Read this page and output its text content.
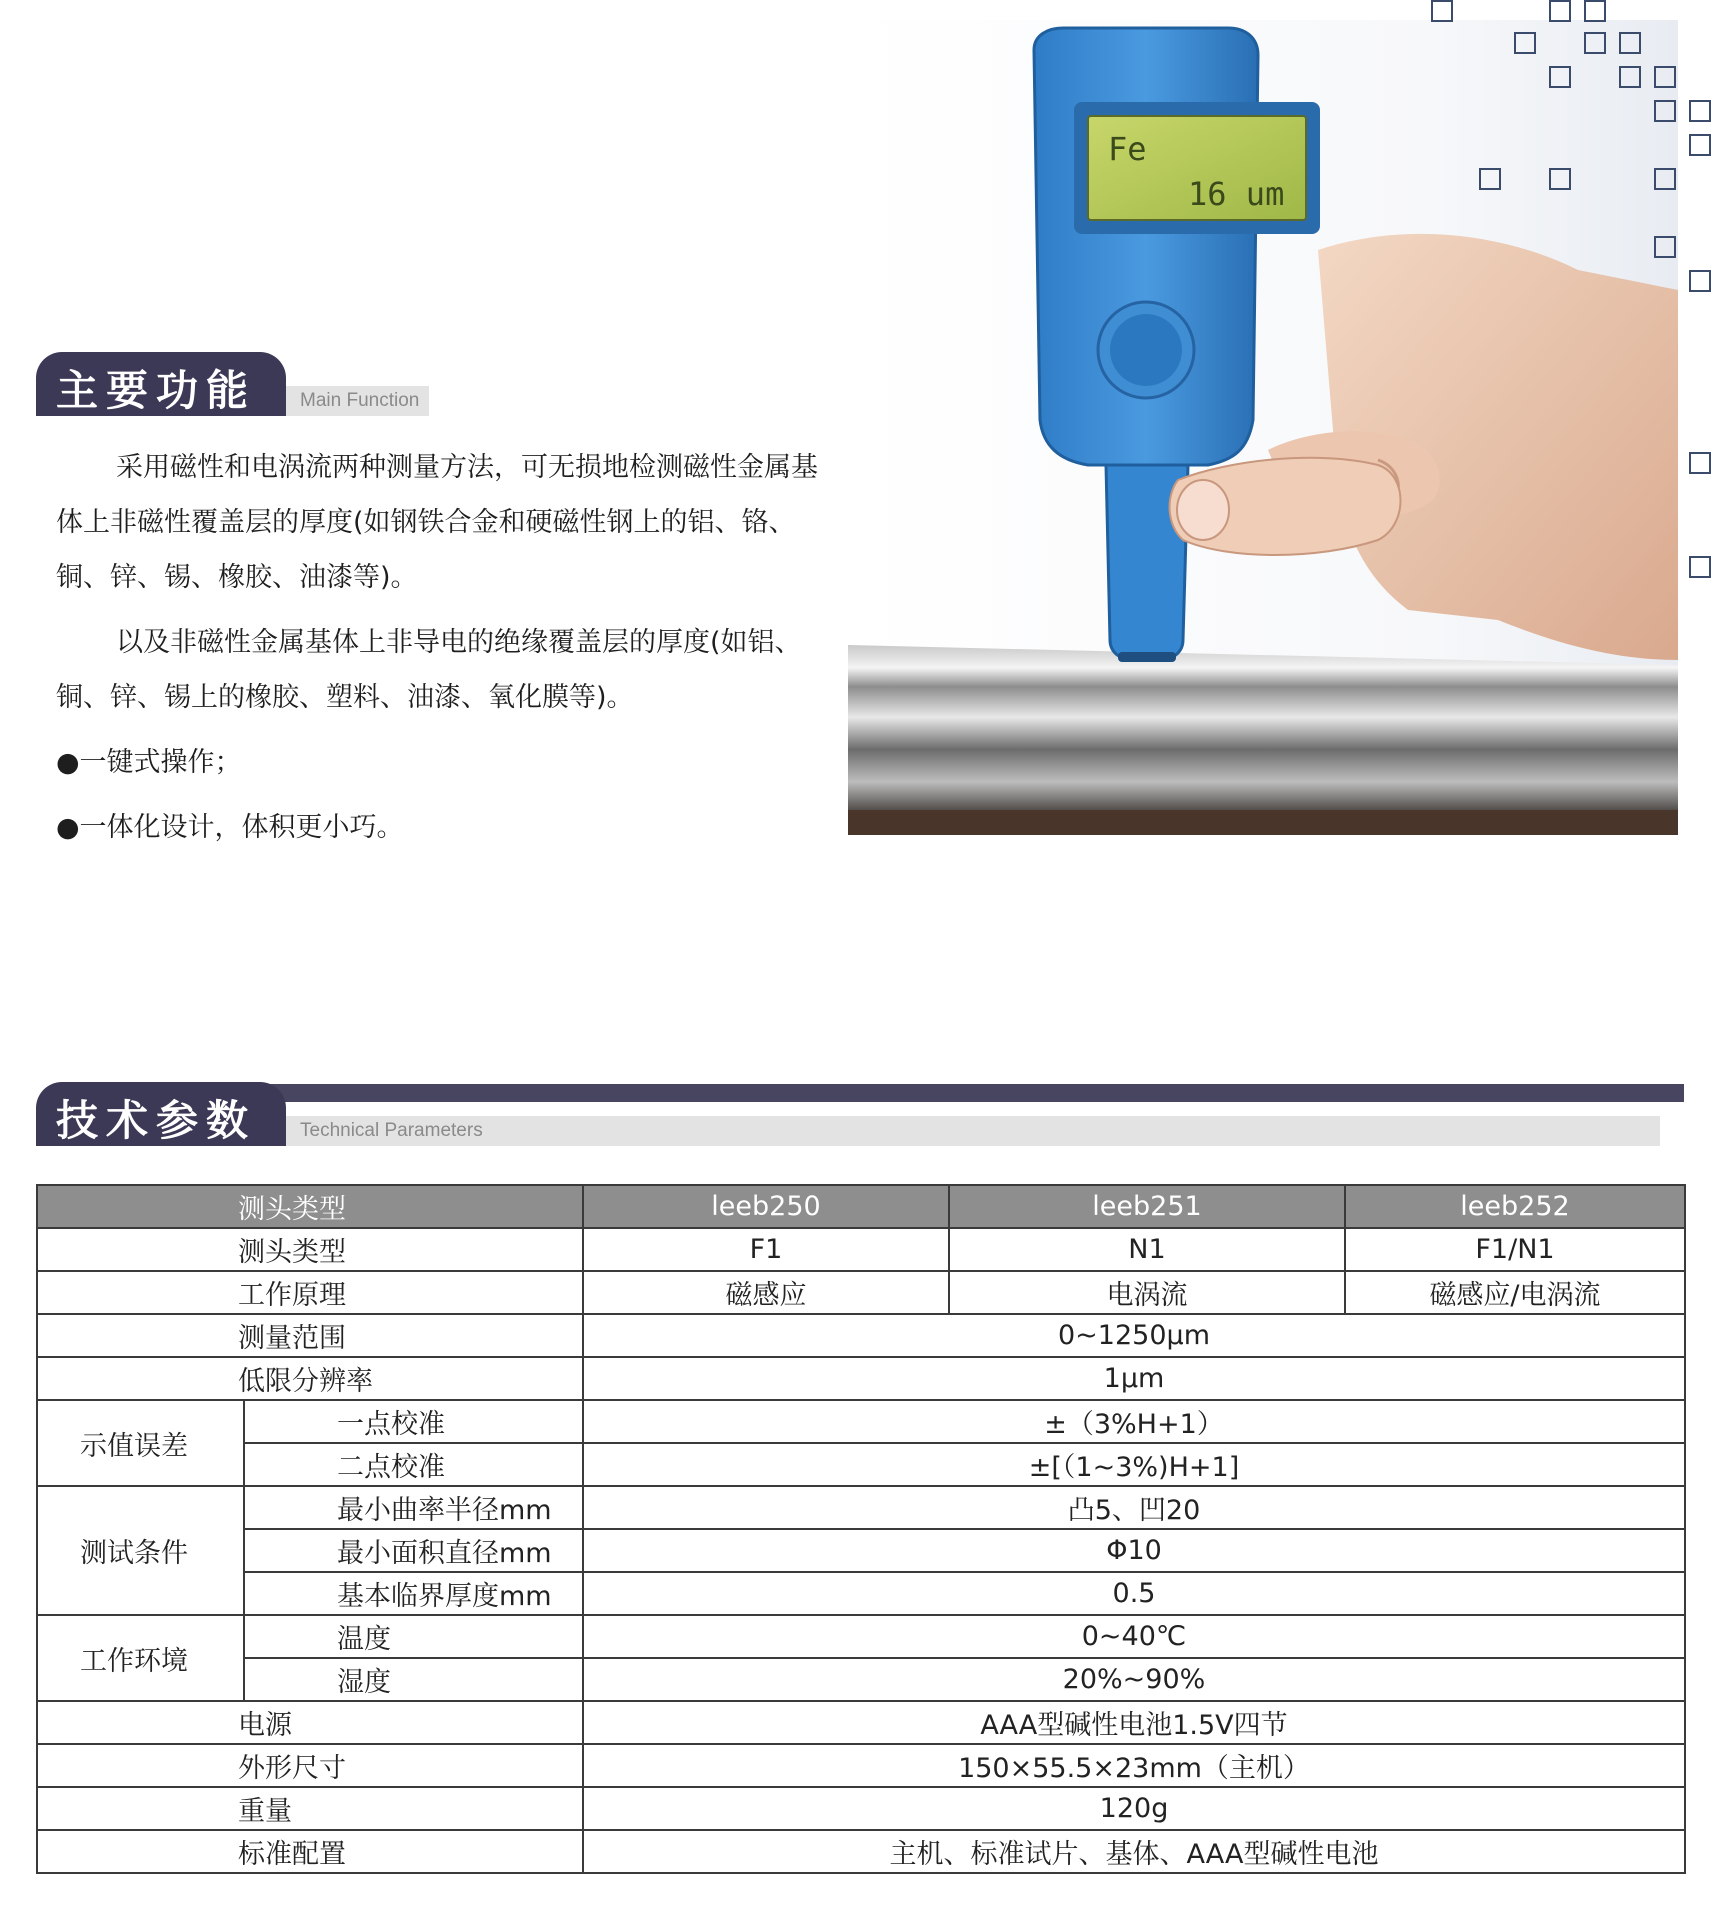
主要功能	Main Function

采用磁性和电涡流两种测量方法，可无损地检测磁性金属基体上非磁性覆盖层的厚度(如钢铁合金和硬磁性钢上的铝、铬、铜、锌、锡、橡胶、油漆等)。

以及非磁性金属基体上非导电的绝缘覆盖层的厚度(如铝、铜、锌、锡上的橡胶、塑料、油漆、氧化膜等)。

●一键式操作；

●一体化设计，体积更小巧。

Fe
16 um
技术参数	Technical Parameters
测头类型		leeb250	leeb251	leeb252
测头类型		F1	N1	F1/N1
工作原理		磁感应	电涡流	磁感应/电涡流
测量范围		0~1250μm		
低限分辨率		1μm		
示值误差	一点校准	±（3%H+1）		
	二点校准	±[（1~3%)H+1]		
测试条件	最小曲率半径mm	凸5、凹20		
	最小面积直径mm	Φ10		
	基本临界厚度mm	0.5		
工作环境	温度	0~40℃		
	湿度	20%~90%		
电源		AAA型碱性电池1.5V四节		
外形尺寸		150×55.5×23mm（主机）		
重量		120g		
标准配置		主机、标准试片、基体、AAA型碱性电池		
